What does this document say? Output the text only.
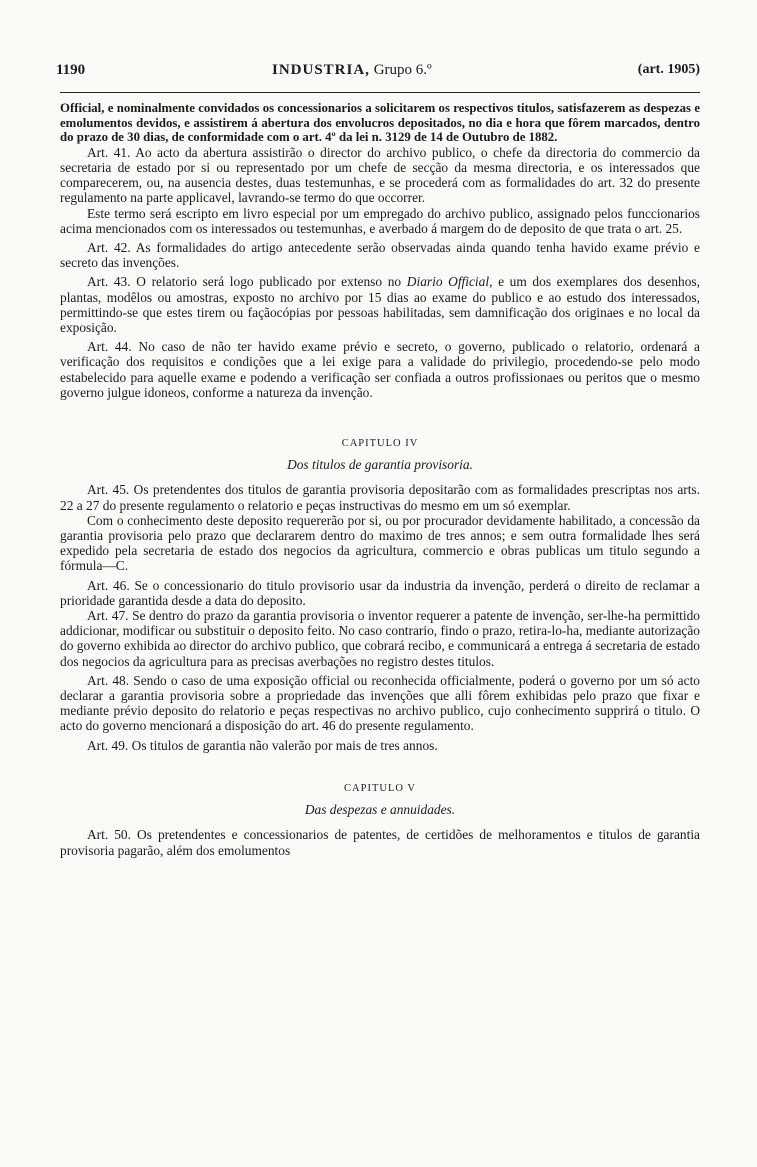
1190	INDUSTRIA, Grupo 6.º	(art. 1905)

Official, e nominalmente convidados os concessionarios a solicitarem os respectivos titulos, satisfazerem as despezas e emolumentos devidos, e assistirem á abertura dos envolucros depositados, no dia e hora que fôrem marcados, dentro do prazo de 30 dias, de conformidade com o art. 4º da lei n. 3129 de 14 de Outubro de 1882.

Art. 41. Ao acto da abertura assistirão o director do archivo publico, o chefe da directoria do commercio da secretaria de estado por si ou representado por um chefe de secção da mesma directoria, e os interessados que comparecerem, ou, na ausencia destes, duas testemunhas, e se procederá com as formalidades do art. 32 do presente regulamento na parte applicavel, lavrando-se termo do que occorrer.

Este termo será escripto em livro especial por um empregado do archivo publico, assignado pelos funccionarios acima mencionados com os interessados ou testemunhas, e averbado á margem do de deposito de que trata o art. 25.

Art. 42. As formalidades do artigo antecedente serão observadas ainda quando tenha havido exame prévio e secreto das invenções.

Art. 43. O relatorio será logo publicado por extenso no Diario Official, e um dos exemplares dos desenhos, plantas, modêlos ou amostras, exposto no archivo por 15 dias ao exame do publico e ao estudo dos interessados, permittindo-se que estes tirem ou façãocópias por pessoas habilitadas, sem damnificação dos originaes e no local da exposição.

Art. 44. No caso de não ter havido exame prévio e secreto, o governo, publicado o relatorio, ordenará a verificação dos requisitos e condições que a lei exige para a validade do privilegio, procedendo-se pelo modo estabelecido para aquelle exame e podendo a verificação ser confiada a outros profissionaes ou peritos que o mesmo governo julgue idoneos, conforme a natureza da invenção.

CAPITULO IV

Dos titulos de garantia provisoria.

Art. 45. Os pretendentes dos titulos de garantia provisoria depositarão com as formalidades prescriptas nos arts. 22 a 27 do presente regulamento o relatorio e peças instructivas do mesmo em um só exemplar.

Com o conhecimento deste deposito requererão por si, ou por procurador devidamente habilitado, a concessão da garantia provisoria pelo prazo que declararem dentro do maximo de tres annos; e sem outra formalidade lhes será expedido pela secretaria de estado dos negocios da agricultura, commercio e obras publicas um titulo segundo a fórmula—C.

Art. 46. Se o concessionario do titulo provisorio usar da industria da invenção, perderá o direito de reclamar a prioridade garantida desde a data do deposito.

Art. 47. Se dentro do prazo da garantia provisoria o inventor requerer a patente de invenção, ser-lhe-ha permittido addicionar, modificar ou substituir o deposito feito. No caso contrario, findo o prazo, retira-lo-ha, mediante autorização do governo exhibida ao director do archivo publico, que cobrará recibo, e communicará a entrega á secretaria de estado dos negocios da agricultura para as precisas averbações no registro destes titulos.

Art. 48. Sendo o caso de uma exposição official ou reconhecida officialmente, poderá o governo por um só acto declarar a garantia provisoria sobre a propriedade das invenções que alli fôrem exhibidas pelo prazo que fixar e mediante prévio deposito do relatorio e peças respectivas no archivo publico, cujo conhecimento supprirá o titulo. O acto do governo mencionará a disposição do art. 46 do presente regulamento.

Art. 49. Os titulos de garantia não valerão por mais de tres annos.

CAPITULO V

Das despezas e annuidades.

Art. 50. Os pretendentes e concessionarios de patentes, de certidões de melhoramentos e titulos de garantia provisoria pagarão, além dos emolumentos
